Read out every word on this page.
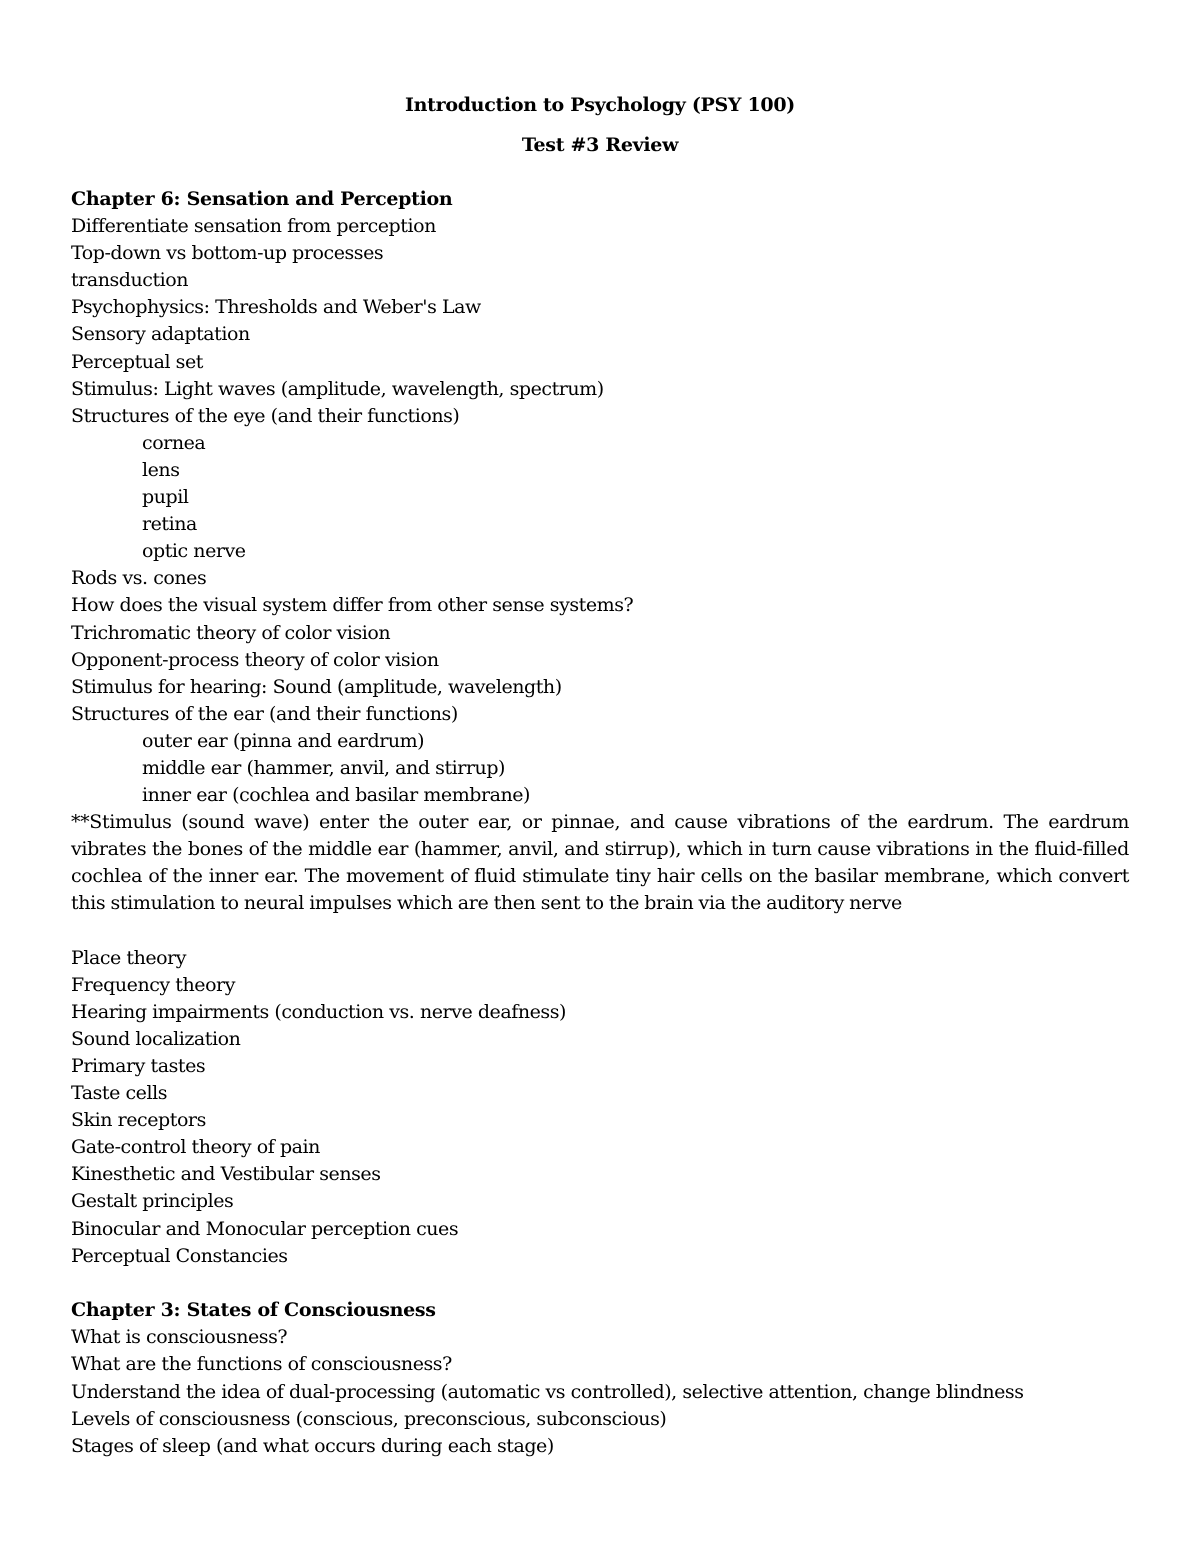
Introduction to Psychology (PSY 100)
Test #3 Review
Chapter 6: Sensation and Perception
Differentiate sensation from perception
Top-down vs bottom-up processes
transduction
Psychophysics: Thresholds and Weber's Law
Sensory adaptation
Perceptual set
Stimulus: Light waves (amplitude, wavelength, spectrum)
Structures of the eye (and their functions)
cornea
lens
pupil
retina
optic nerve
Rods vs. cones
How does the visual system differ from other sense systems?
Trichromatic theory of color vision
Opponent-process theory of color vision
Stimulus for hearing: Sound (amplitude, wavelength)
Structures of the ear (and their functions)
outer ear (pinna and eardrum)
middle ear (hammer, anvil, and stirrup)
inner ear (cochlea and basilar membrane)
**Stimulus (sound wave) enter the outer ear, or pinnae, and cause vibrations of the eardrum. The eardrum vibrates the bones of the middle ear (hammer, anvil, and stirrup), which in turn cause vibrations in the fluid-filled cochlea of the inner ear. The movement of fluid stimulate tiny hair cells on the basilar membrane, which convert this stimulation to neural impulses which are then sent to the brain via the auditory nerve
Place theory
Frequency theory
Hearing impairments (conduction vs. nerve deafness)
Sound localization
Primary tastes
Taste cells
Skin receptors
Gate-control theory of pain
Kinesthetic and Vestibular senses
Gestalt principles
Binocular and Monocular perception cues
Perceptual Constancies
Chapter 3: States of Consciousness
What is consciousness?
What are the functions of consciousness?
Understand the idea of dual-processing (automatic vs controlled), selective attention, change blindness
Levels of consciousness (conscious, preconscious, subconscious)
Stages of sleep (and what occurs during each stage)
